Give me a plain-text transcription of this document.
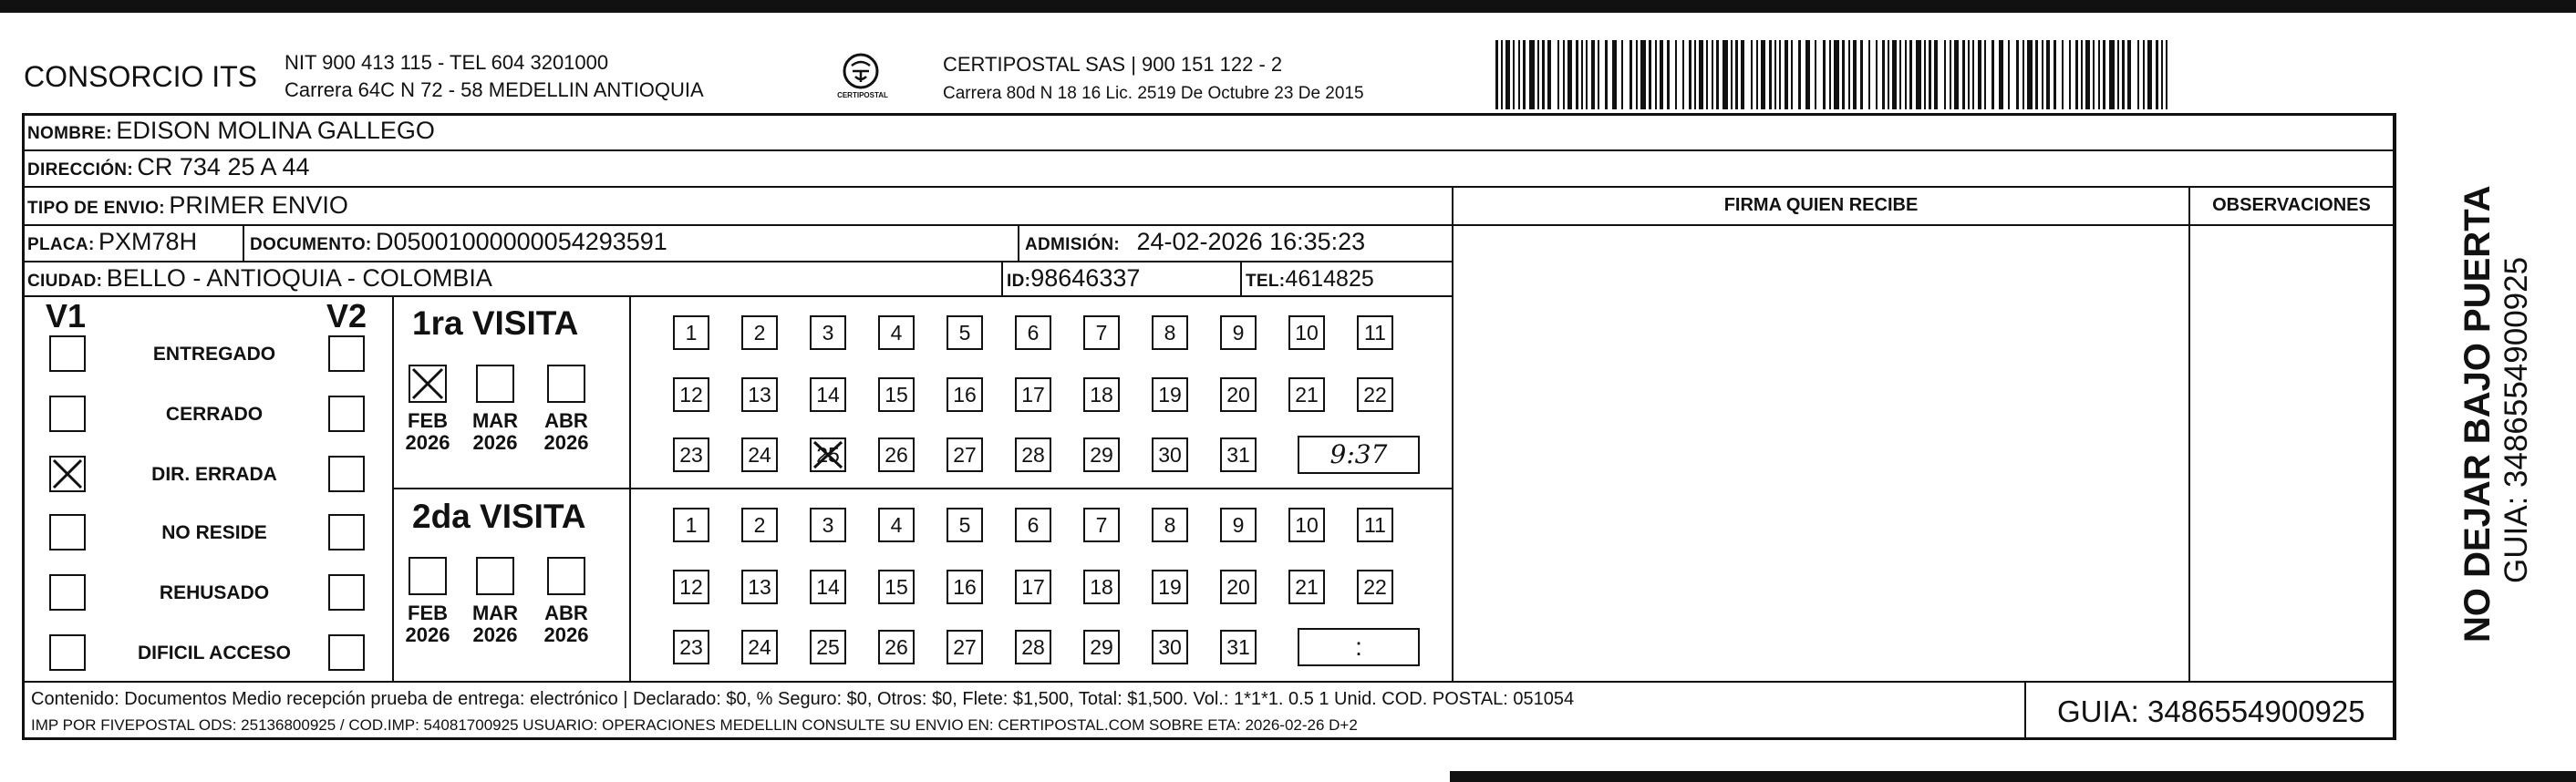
CONSORCIO ITS NIT 900 413 115 - TEL 604 3201000
Carrera 64C N 72 - 58 MEDELLIN ANTIOQUIA	CERTIPOSTAL
CERTIPOSTAL SAS | 900 151 122 - 2
Carrera 80d N 18 16 Lic. 2519 De Octubre 23 De 2015
NOMBRE: EDISON MOLINA GALLEGO
DIRECCIÓN: CR 734 25 A 44
TIPO DE ENVIO: PRIMER ENVIO	FIRMA QUIEN RECIBE	OBSERVACIONES
PLACA: PXM78H	DOCUMENTO: D05001000000054293591	ADMISIÓN: 24-02-2026 16:35:23
CIUDAD: BELLO - ANTIOQUIA - COLOMBIA	ID:98646337	TEL:4614825
V1	V2
ENTREGADO
CERRADO
DIR. ERRADA
NO RESIDE
REHUSADO
DIFICIL ACCESO
1ra VISITA
2da VISITA
FEB
2026
MAR
2026
ABR
2026
1	2	3	4	5	6	7	8	9	10	11
12	13	14	15	16	17	18	19	20	21	22
23	24	25	26	27	28	29	30	31	9:37
FEB
2026
MAR
2026
ABR
2026
1	2	3	4	5	6	7	8	9	10	11
12	13	14	15	16	17	18	19	20	21	22
23	24	25	26	27	28	29	30	31	:
Contenido: Documentos Medio recepción prueba de entrega: electrónico | Declarado: $0, % Seguro: $0, Otros: $0, Flete: $1,500, Total: $1,500. Vol.: 1*1*1. 0.5 1 Unid. COD. POSTAL: 051054
IMP POR FIVEPOSTAL ODS: 25136800925 / COD.IMP: 54081700925 USUARIO: OPERACIONES MEDELLIN CONSULTE SU ENVIO EN: CERTIPOSTAL.COM SOBRE ETA: 2026-02-26 D+2	GUIA: 3486554900925
NO DEJAR BAJO PUERTA GUIA: 3486554900925
